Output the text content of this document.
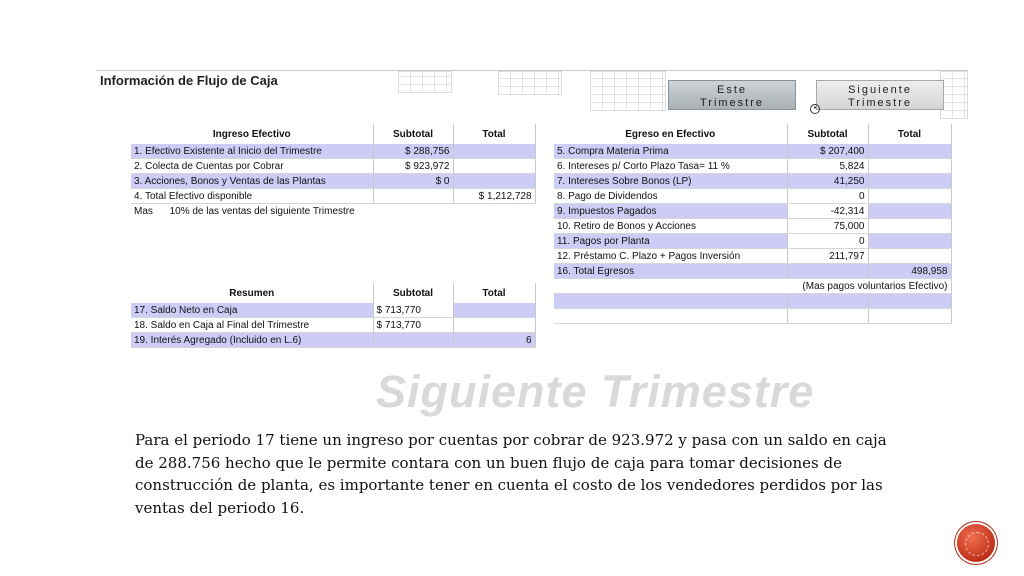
Información de Flujo de Caja
Este
Trimestre
Siguiente
Trimestre
•
Ingreso Efectivo	Subtotal	Total
1. Efectivo Existente al Inicio del Trimestre	$ 288,756	
2. Colecta de Cuentas por Cobrar	$ 923,972	
3. Acciones, Bonos y Ventas de las Plantas	$ 0	
4. Total Efectivo disponible		$ 1,212,728
Mas 10% de las ventas del siguiente Trimestre		
Egreso en Efectivo	Subtotal	Total
5. Compra Materia Prima	$ 207,400	
6. Intereses p/ Corto Plazo Tasa= 11 %	5,824	
7. Intereses Sobre Bonos (LP)	41,250	
8. Pago de Dividendos	0	
9. Impuestos Pagados	-42,314	
10. Retiro de Bonos y Acciones	75,000	
11. Pagos por Planta	0	
12. Préstamo C. Plazo + Pagos Inversión	211,797	
16. Total Egresos		498,958
(Mas pagos voluntarios Efectivo)		

Resumen	Subtotal	Total
17. Saldo Neto en Caja	$ 713,770	
18. Saldo en Caja al Final del Trimestre	$ 713,770	
19. Interés Agregado (Incluido en L.6)		6
Siguiente Trimestre
Para el periodo 17 tiene un ingreso por cuentas por cobrar de 923.972 y pasa con un saldo en caja de 288.756 hecho que le permite contara con un buen flujo de caja para tomar decisiones de construcción de planta, es importante tener en cuenta el costo de los vendedores perdidos por las ventas del periodo 16.
